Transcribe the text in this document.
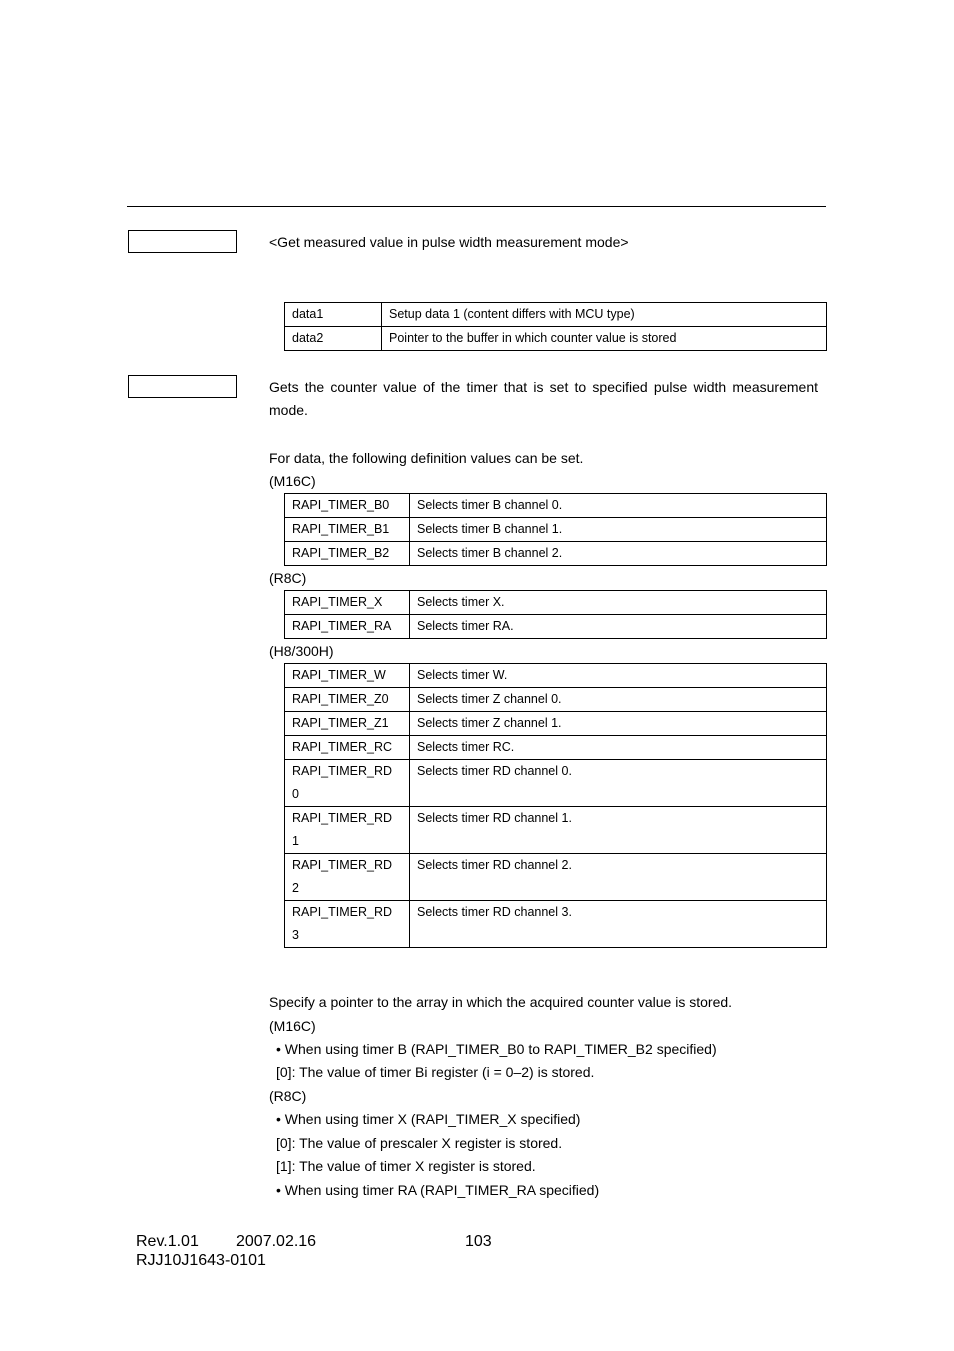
<Get measured value in pulse width measurement mode>
data1	Setup data 1 (content differs with MCU type)
data2	Pointer to the buffer in which counter value is stored
Gets the counter value of the timer that is set to specified pulse width measurement mode.
For data, the following definition values can be set.
(M16C)
RAPI_TIMER_B0	Selects timer B channel 0.
RAPI_TIMER_B1	Selects timer B channel 1.
RAPI_TIMER_B2	Selects timer B channel 2.
(R8C)
RAPI_TIMER_X	Selects timer X.
RAPI_TIMER_RA	Selects timer RA.
(H8/300H)
RAPI_TIMER_W	Selects timer W.
RAPI_TIMER_Z0	Selects timer Z channel 0.
RAPI_TIMER_Z1	Selects timer Z channel 1.
RAPI_TIMER_RC	Selects timer RC.
RAPI_TIMER_RD
0	Selects timer RD channel 0.
RAPI_TIMER_RD
1	Selects timer RD channel 1.
RAPI_TIMER_RD
2	Selects timer RD channel 2.
RAPI_TIMER_RD
3	Selects timer RD channel 3.
Specify a pointer to the array in which the acquired counter value is stored.
(M16C)
• When using timer B (RAPI_TIMER_B0 to RAPI_TIMER_B2 specified)
[0]: The value of timer Bi register (i = 0–2) is stored.
(R8C)
• When using timer X (RAPI_TIMER_X specified)
[0]: The value of prescaler X register is stored.
[1]: The value of timer X register is stored.
• When using timer RA (RAPI_TIMER_RA specified)
Rev.1.01 2007.02.16	103
RJJ10J1643-0101
